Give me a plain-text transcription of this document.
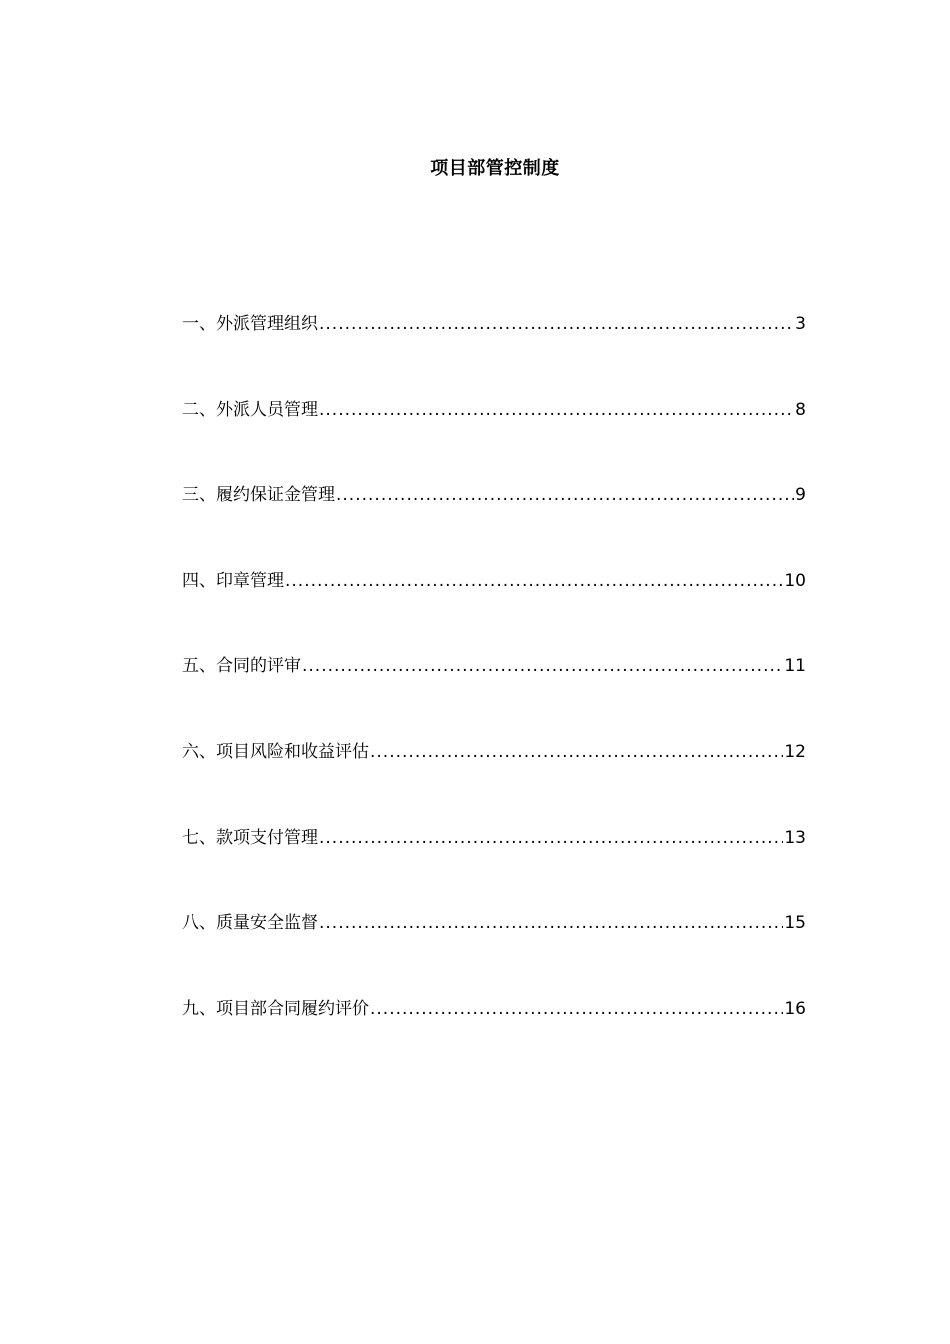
项目部管控制度
一、外派管理组织 .....	3
二、外派人员管理 .....	8
三、履约保证金管理 .....	9
四、印章管理 .....	10
五、合同的评审 .....	11
六、项目风险和收益评估 .....	12
七、款项支付管理 .....	13
八、质量安全监督 .....	15
九、项目部合同履约评价 .....	16
